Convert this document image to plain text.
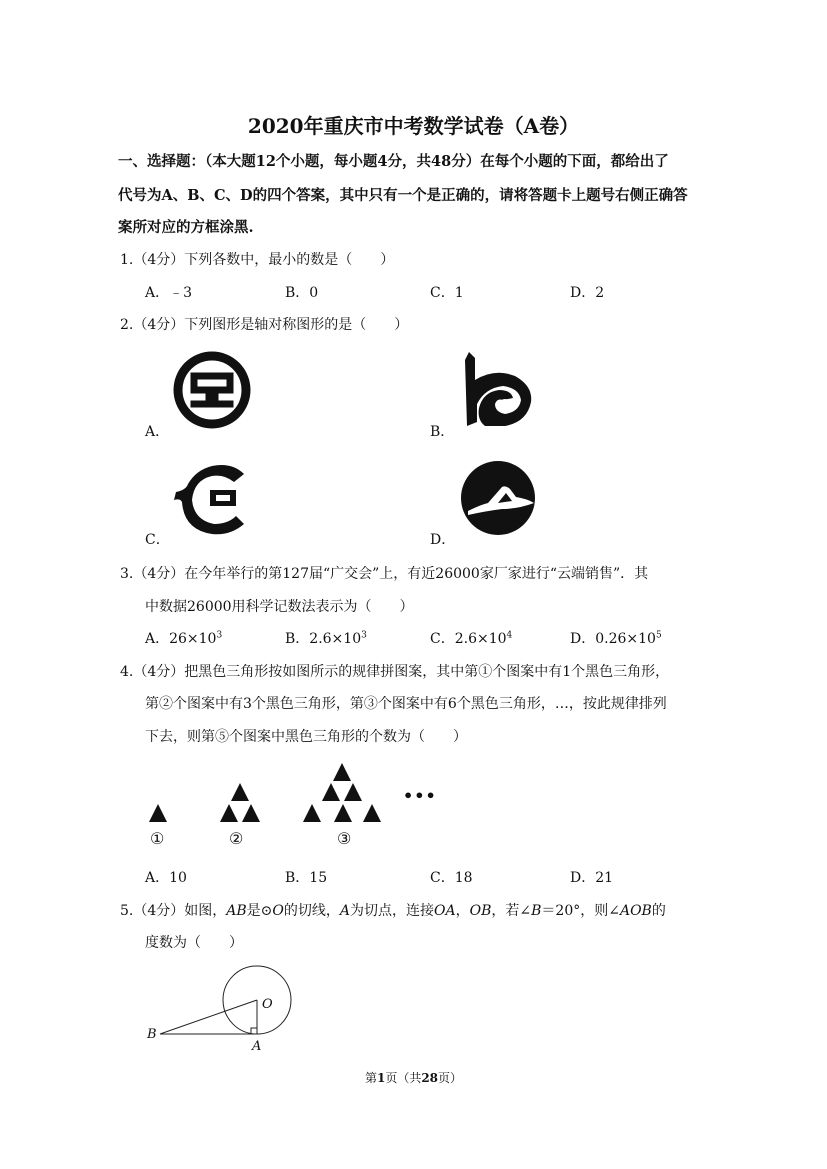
2020年重庆市中考数学试卷（A卷）
一、选择题：（本大题12个小题，每小题4分，共48分）在每个小题的下面，都给出了
代号为A、B、C、D的四个答案，其中只有一个是正确的，请将答题卡上题号右侧正确答
案所对应的方框涂黑.
1.（4分）下列各数中，最小的数是（　　）
A．﹣3	B．0	C．1	D．2
2.（4分）下列图形是轴对称图形的是（　　）
A．	B．
C．	D．
3.（4分）在今年举行的第127届“广交会”上，有近26000家厂家进行“云端销售”．其
中数据26000用科学记数法表示为（　　）
A．$26\times 10^3$	B．$2.6\times 10^3$	C．$2.6\times 10^4$	D．$0.26\times 10^5$
4.（4分）把黑色三角形按如图所示的规律拼图案，其中第①个图案中有1个黑色三角形，
第②个图案中有3个黑色三角形，第③个图案中有6个黑色三角形，…，按此规律排列
下去，则第⑤个图案中黑色三角形的个数为（　　）
•••
①	②	③
A．10	B．15	C．18	D．21
5.（4分）如图，AB是⊙O的切线，A为切点，连接OA，OB，若∠B＝20°，则∠AOB的
度数为（　　）
O
B
A
第1页（共28页）
